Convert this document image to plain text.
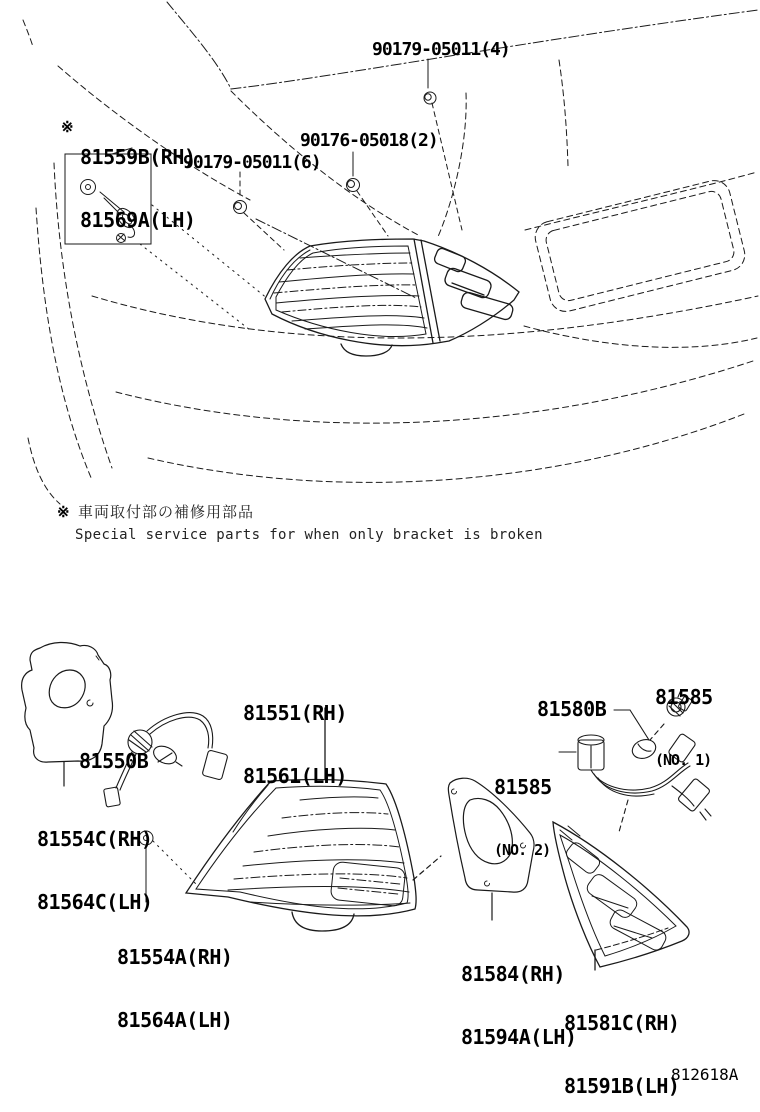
90179-05011(4)
※

81559B(RH)

81569A(LH)

90176-05018(2)
90179-05011(6)
※ 車両取付部の補修用部品
Special service parts for when only bracket is broken

81551(RH)

81561(LH)

81585

(NO. 1)

81580B

81585

(NO. 2)

81550B

81554C(RH)

81564C(LH)

81554A(RH)

81564A(LH)

81584(RH)

81594A(LH)

81581C(RH)

81591B(LH)

812618A
